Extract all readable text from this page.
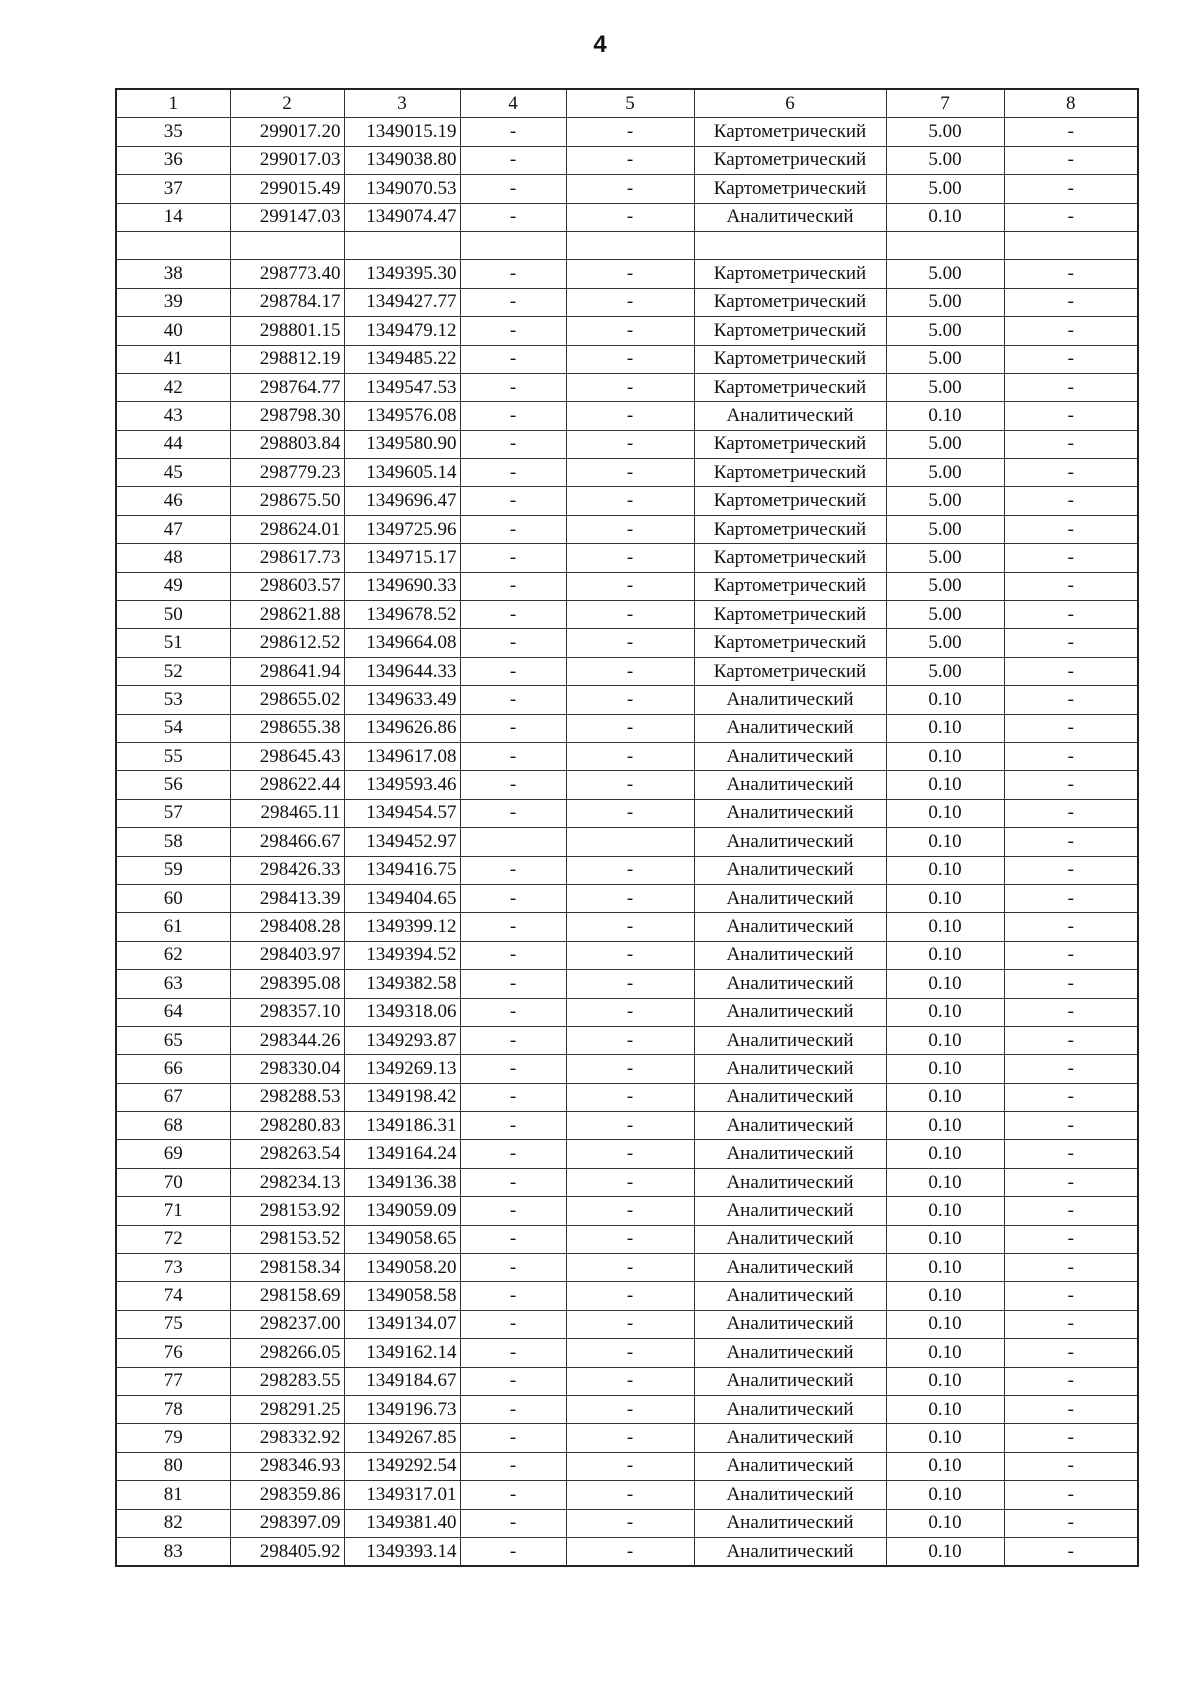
4
1	2	3	4	5	6	7	8
35	299017.20	1349015.19	-	-	Картометрический	5.00	-
36	299017.03	1349038.80	-	-	Картометрический	5.00	-
37	299015.49	1349070.53	-	-	Картометрический	5.00	-
14	299147.03	1349074.47	-	-	Аналитический	0.10	-

38	298773.40	1349395.30	-	-	Картометрический	5.00	-
39	298784.17	1349427.77	-	-	Картометрический	5.00	-
40	298801.15	1349479.12	-	-	Картометрический	5.00	-
41	298812.19	1349485.22	-	-	Картометрический	5.00	-
42	298764.77	1349547.53	-	-	Картометрический	5.00	-
43	298798.30	1349576.08	-	-	Аналитический	0.10	-
44	298803.84	1349580.90	-	-	Картометрический	5.00	-
45	298779.23	1349605.14	-	-	Картометрический	5.00	-
46	298675.50	1349696.47	-	-	Картометрический	5.00	-
47	298624.01	1349725.96	-	-	Картометрический	5.00	-
48	298617.73	1349715.17	-	-	Картометрический	5.00	-
49	298603.57	1349690.33	-	-	Картометрический	5.00	-
50	298621.88	1349678.52	-	-	Картометрический	5.00	-
51	298612.52	1349664.08	-	-	Картометрический	5.00	-
52	298641.94	1349644.33	-	-	Картометрический	5.00	-
53	298655.02	1349633.49	-	-	Аналитический	0.10	-
54	298655.38	1349626.86	-	-	Аналитический	0.10	-
55	298645.43	1349617.08	-	-	Аналитический	0.10	-
56	298622.44	1349593.46	-	-	Аналитический	0.10	-
57	298465.11	1349454.57	-	-	Аналитический	0.10	-
58	298466.67	1349452.97			Аналитический	0.10	-
59	298426.33	1349416.75	-	-	Аналитический	0.10	-
60	298413.39	1349404.65	-	-	Аналитический	0.10	-
61	298408.28	1349399.12	-	-	Аналитический	0.10	-
62	298403.97	1349394.52	-	-	Аналитический	0.10	-
63	298395.08	1349382.58	-	-	Аналитический	0.10	-
64	298357.10	1349318.06	-	-	Аналитический	0.10	-
65	298344.26	1349293.87	-	-	Аналитический	0.10	-
66	298330.04	1349269.13	-	-	Аналитический	0.10	-
67	298288.53	1349198.42	-	-	Аналитический	0.10	-
68	298280.83	1349186.31	-	-	Аналитический	0.10	-
69	298263.54	1349164.24	-	-	Аналитический	0.10	-
70	298234.13	1349136.38	-	-	Аналитический	0.10	-
71	298153.92	1349059.09	-	-	Аналитический	0.10	-
72	298153.52	1349058.65	-	-	Аналитический	0.10	-
73	298158.34	1349058.20	-	-	Аналитический	0.10	-
74	298158.69	1349058.58	-	-	Аналитический	0.10	-
75	298237.00	1349134.07	-	-	Аналитический	0.10	-
76	298266.05	1349162.14	-	-	Аналитический	0.10	-
77	298283.55	1349184.67	-	-	Аналитический	0.10	-
78	298291.25	1349196.73	-	-	Аналитический	0.10	-
79	298332.92	1349267.85	-	-	Аналитический	0.10	-
80	298346.93	1349292.54	-	-	Аналитический	0.10	-
81	298359.86	1349317.01	-	-	Аналитический	0.10	-
82	298397.09	1349381.40	-	-	Аналитический	0.10	-
83	298405.92	1349393.14	-	-	Аналитический	0.10	-
